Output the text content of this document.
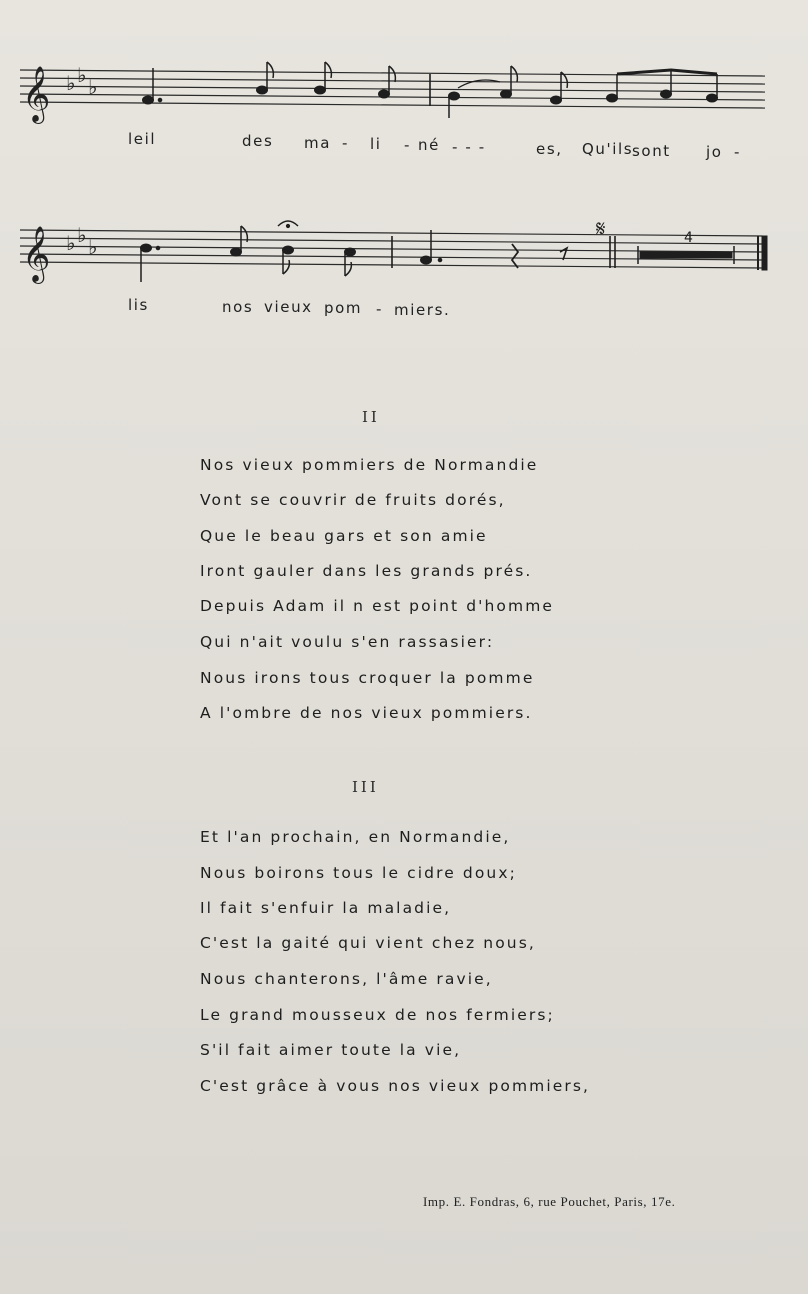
𝄞 ♭ ♭ ♭
leil	des ma - li - né - - -	es, Qu'ils
sont jo -
𝄞 ♭ ♭ ♭
𝄋	4
lis	nos vieux pom - miers.
II
Nos vieux pommiers de Normandie
Vont se couvrir de fruits dorés,
Que le beau gars et son amie
Iront gauler dans les grands prés.
Depuis Adam il n est point d'homme
Qui n'ait voulu s'en rassasier:
Nous irons tous croquer la pomme
A l'ombre de nos vieux pommiers.
III
Et l'an prochain, en Normandie,
Nous boirons tous le cidre doux;
Il fait s'enfuir la maladie,
C'est la gaité qui vient chez nous,
Nous chanterons, l'âme ravie,
Le grand mousseux de nos fermiers;
S'il fait aimer toute la vie,
C'est grâce à vous nos vieux pommiers,
Imp. E. Fondras, 6, rue Pouchet, Paris, 17e.
